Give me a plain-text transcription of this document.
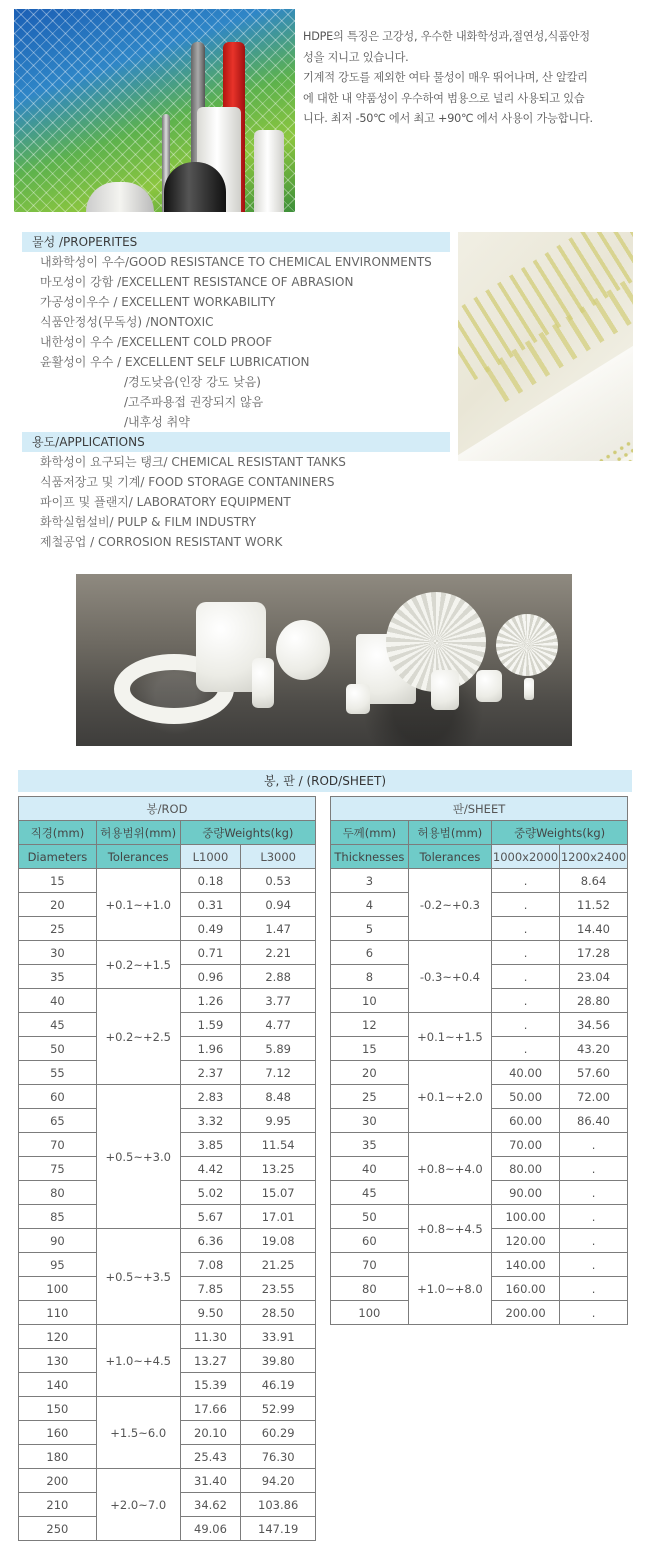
HDPE의 특징은 고강성, 우수한 내화학성과,절연성,식품안정
성을 지니고 있습니다.
기계적 강도를 제외한 여타 물성이 매우 뛰어나며, 산 알칼리
에 대한 내 약품성이 우수하여 범용으로 널리 사용되고 있습
니다. 최저 -50℃ 에서 최고 +90℃ 에서 사용이 가능합니다.
물성 /PROPERITES
내화학성이 우수/GOOD RESISTANCE TO CHEMICAL ENVIRONMENTS
마모성이 강함 /EXCELLENT RESISTANCE OF ABRASION
가공성이우수 / EXCELLENT WORKABILITY
식품안정성(무독성) /NONTOXIC
내한성이 우수 /EXCELLENT COLD PROOF
윤활성이 우수 / EXCELLENT SELF LUBRICATION
/경도낮음(인장 강도 낮음)
/고주파용접 권장되지 않음
/내후성 취약
용도/APPLICATIONS
화학성이 요구되는 탱크/ CHEMICAL RESISTANT TANKS
식품저장고 및 기계/ FOOD STORAGE CONTANINERS
파이프 및 플랜지/ LABORATORY EQUIPMENT
화학실험설비/ PULP & FILM INDUSTRY
제철공업 / CORROSION RESISTANT WORK
봉, 판 / (ROD/SHEET)
봉/ROD			
직경(mm)	허용범위(mm)	중량Weights(kg)	
Diameters	Tolerances	L1000	L3000
15	+0.1~+1.0	0.18	0.53
20		0.31	0.94
25		0.49	1.47
30	+0.2~+1.5	0.71	2.21
35		0.96	2.88
40	+0.2~+2.5	1.26	3.77
45		1.59	4.77
50		1.96	5.89
55		2.37	7.12
60	+0.5~+3.0	2.83	8.48
65		3.32	9.95
70		3.85	11.54
75		4.42	13.25
80		5.02	15.07
85		5.67	17.01
90	+0.5~+3.5	6.36	19.08
95		7.08	21.25
100		7.85	23.55
110		9.50	28.50
120	+1.0~+4.5	11.30	33.91
130		13.27	39.80
140		15.39	46.19
150	+1.5~6.0	17.66	52.99
160		20.10	60.29
180		25.43	76.30
200	+2.0~7.0	31.40	94.20
210		34.62	103.86
250		49.06	147.19
판/SHEET			
두께(mm)	허용범(mm)	중량Weights(kg)	
Thicknesses	Tolerances	1000x2000	1200x2400
3	-0.2~+0.3	.	8.64
4		.	11.52
5		.	14.40
6	-0.3~+0.4	.	17.28
8		.	23.04
10		.	28.80
12	+0.1~+1.5	.	34.56
15		.	43.20
20	+0.1~+2.0	40.00	57.60
25		50.00	72.00
30		60.00	86.40
35	+0.8~+4.0	70.00	.
40		80.00	.
45		90.00	.
50	+0.8~+4.5	100.00	.
60		120.00	.
70	+1.0~+8.0	140.00	.
80		160.00	.
100		200.00	.
